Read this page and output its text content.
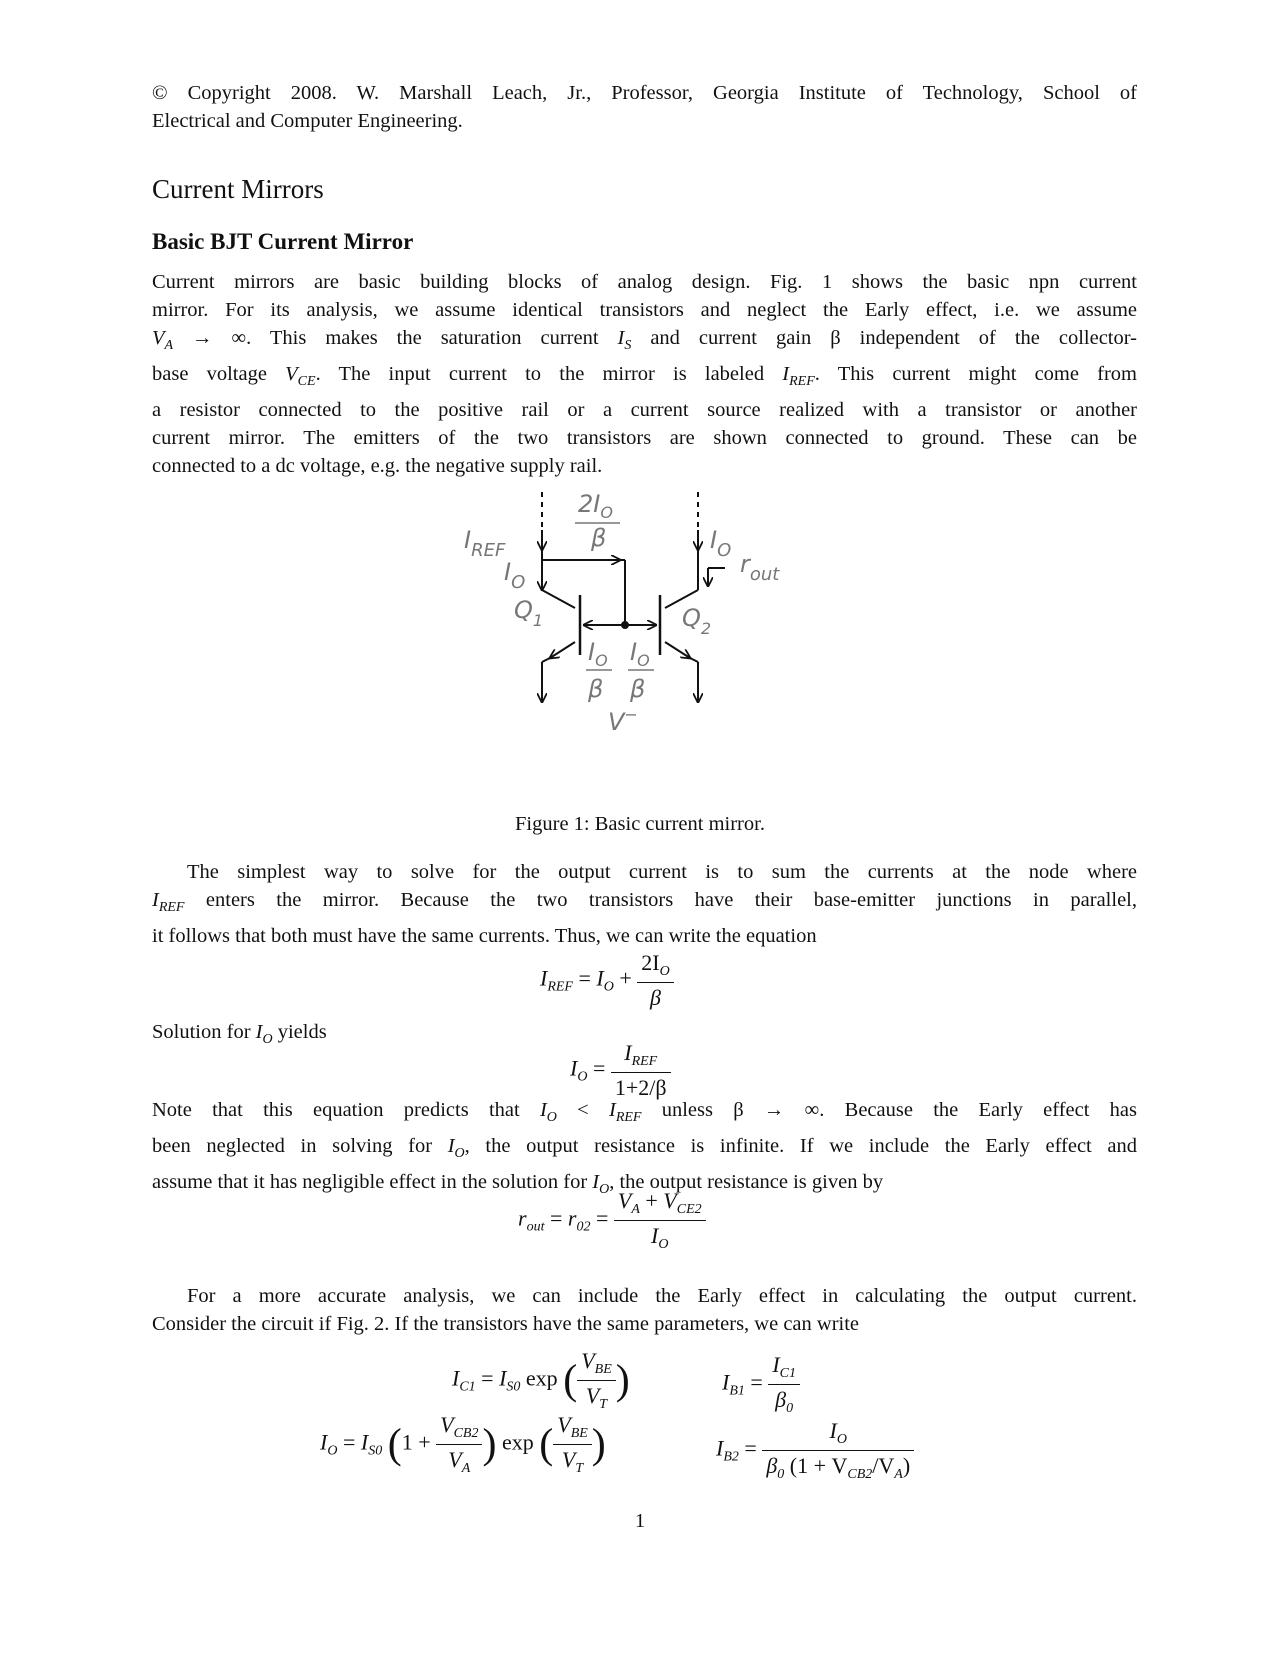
© Copyright 2008. W. Marshall Leach, Jr., Professor, Georgia Institute of Technology, School of
Electrical and Computer Engineering.
Current Mirrors
Basic BJT Current Mirror
Current mirrors are basic building blocks of analog design. Fig. 1 shows the basic npn current
mirror. For its analysis, we assume identical transistors and neglect the Early effect, i.e. we assume
$V_A$ → ∞. This makes the saturation current $I_S$ and current gain β independent of the collector-
base voltage $V_{CE}$. The input current to the mirror is labeled $I_{REF}$. This current might come from
a resistor connected to the positive rail or a current source realized with a transistor or another
current mirror. The emitters of the two transistors are shown connected to ground. These can be
connected to a dc voltage, e.g. the negative supply rail.
$2I_O$
β
$I_{REF}$
$I_O$
$Q_1$
$I_O$ $r_{out}$
$Q_2$
$I_O$
β
$I_O$
β
V−
Figure 1: Basic current mirror.
The simplest way to solve for the output current is to sum the currents at the node where
$I_{REF}$ enters the mirror. Because the two transistors have their base-emitter junctions in parallel,
it follows that both must have the same currents. Thus, we can write the equation
$I_{REF} = I_O + \frac{2I_O}{\beta}$
Solution for $I_O$ yields
$I_O = \frac{I_{REF}}{1+2/\beta}$
Note that this equation predicts that $I_O < I_{REF}$ unless β → ∞. Because the Early effect has
been neglected in solving for $I_O$, the output resistance is infinite. If we include the Early effect and
assume that it has negligible effect in the solution for $I_O$, the output resistance is given by
$r_{out} = r_{02} = \frac{V_A + V_{CE2}}{I_O}$
For a more accurate analysis, we can include the Early effect in calculating the output current.
Consider the circuit if Fig. 2. If the transistors have the same parameters, we can write
$I_{C1} = I_{S0}$ exp ( $\frac{V_{BE}}{V_T}$ )	$I_{B1} = \frac{I_{C1}}{\beta_0}$
$I_O = I_{S0}$ ($1 + \frac{V_{CB2}}{V_A}$ ) exp ( $\frac{V_{BE}}{V_T}$ )	$I_{B2} = \frac{I_O}{\beta_0 (1 + V_{CB2}/V_A)}$
1
